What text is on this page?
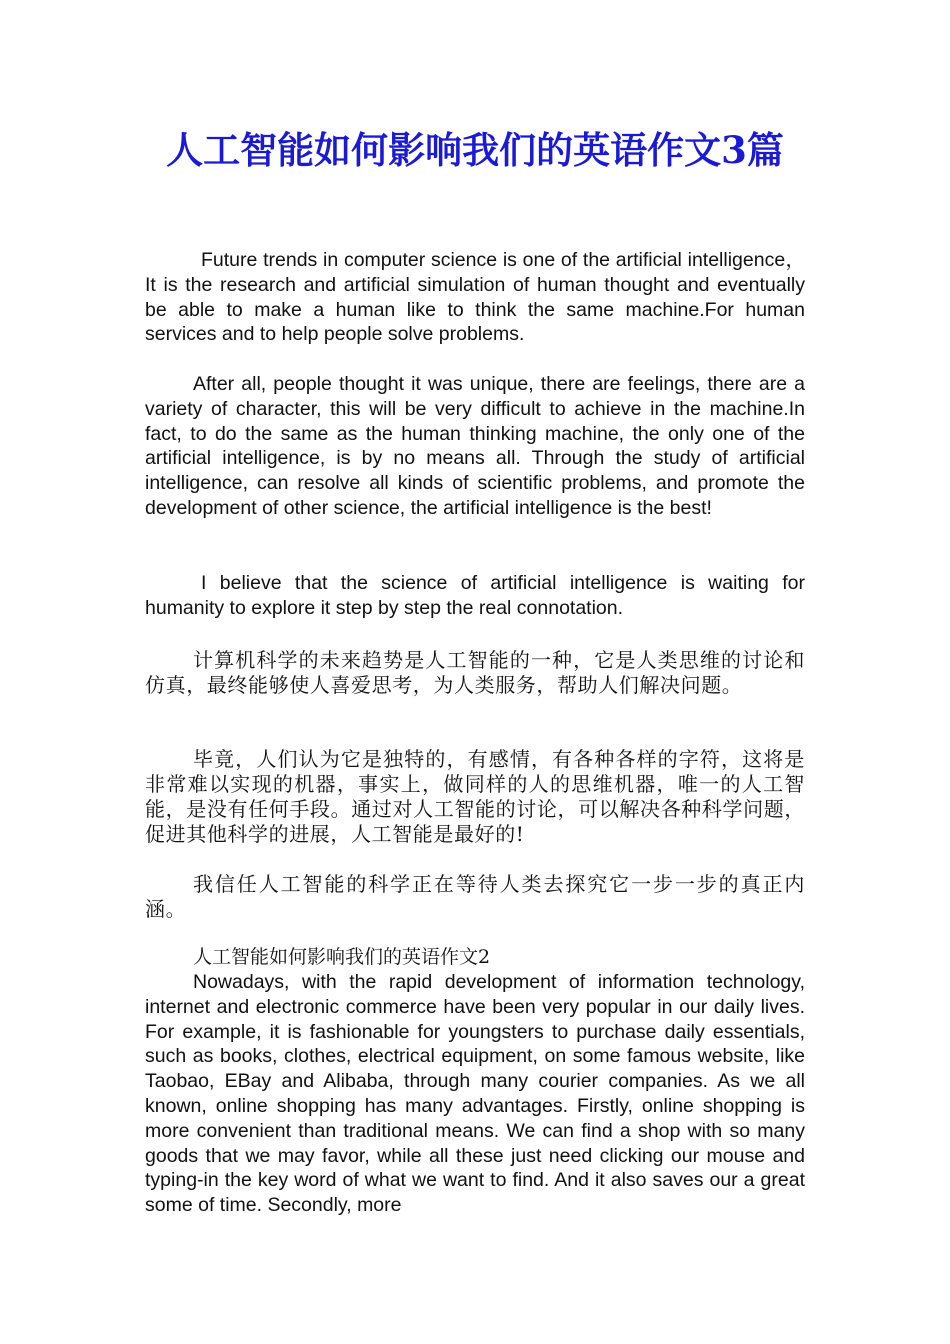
人工智能如何影响我们的英语作文3篇

Future trends in computer science is one of the artificial intelligence， It is the research and artificial simulation of human thought and eventually be able to make a human like to think the same machine.For human services and to help people solve problems.

After all, people thought it was unique, there are feelings, there are a variety of character, this will be very difficult to achieve in the machine.In fact, to do the same as the human thinking machine, the only one of the artificial intelligence, is by no means all. Through the study of artificial intelligence, can resolve all kinds of scientific problems, and promote the development of other science, the artificial intelligence is the best!

I believe that the science of artificial intelligence is waiting for humanity to explore it step by step the real connotation.

计算机科学的未来趋势是人工智能的一种，它是人类思维的讨论和仿真，最终能够使人喜爱思考，为人类服务，帮助人们解决问题。

毕竟，人们认为它是独特的，有感情，有各种各样的字符，这将是非常难以实现的机器，事实上，做同样的人的思维机器，唯一的人工智能，是没有任何手段。通过对人工智能的讨论，可以解决各种科学问题，促进其他科学的进展，人工智能是最好的!

我信任人工智能的科学正在等待人类去探究它一步一步的真正内涵。

人工智能如何影响我们的英语作文2

Nowadays, with the rapid development of information technology, internet and electronic commerce have been very popular in our daily lives. For example, it is fashionable for youngsters to purchase daily essentials, such as books, clothes, electrical equipment, on some famous website, like Taobao, EBay and Alibaba, through many courier companies. As we all known, online shopping has many advantages. Firstly, online shopping is more convenient than traditional means. We can find a shop with so many goods that we may favor, while all these just need clicking our mouse and typing-in the key word of what we want to find. And it also saves our a great some of time. Secondly, more
